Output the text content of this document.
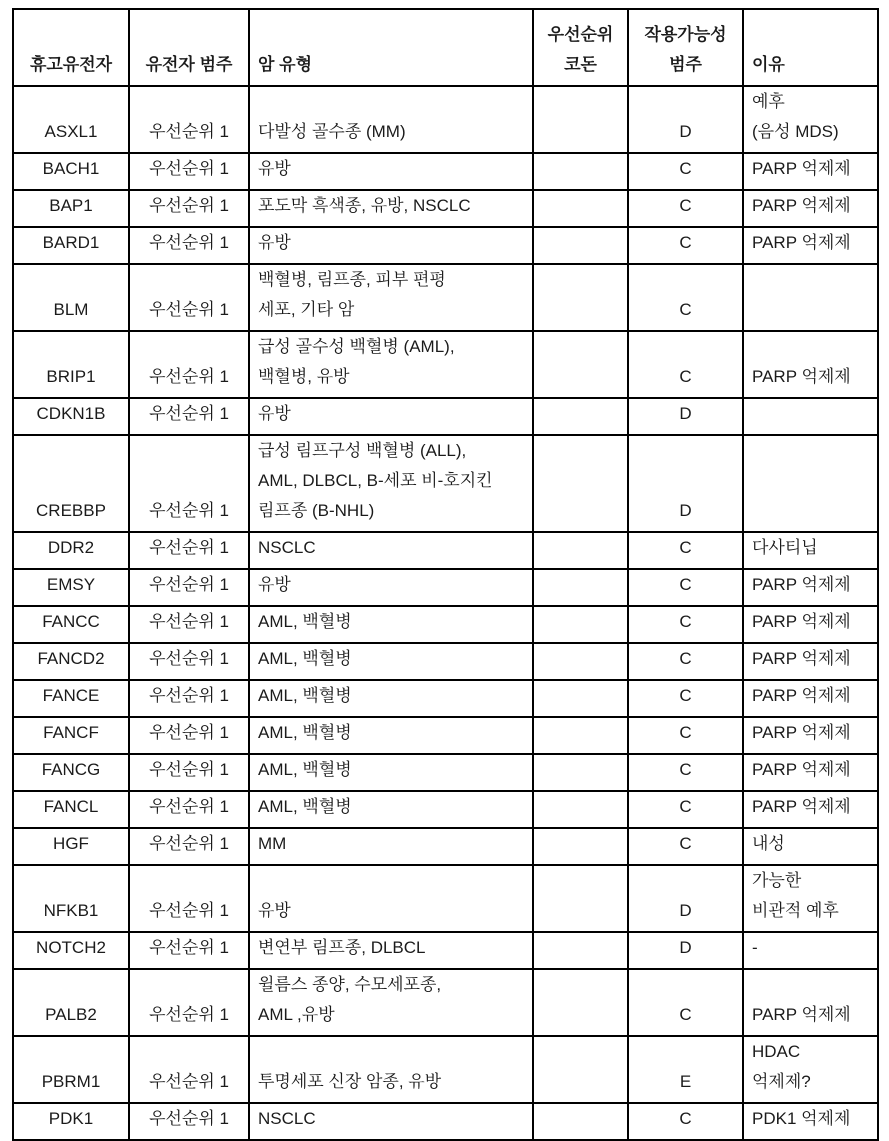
휴고유전자	유전자 범주	암 유형	우선순위
코돈	작용가능성
범주	이유
ASXL1	우선순위 1	다발성 골수종 (MM)		D	예후
(음성 MDS)
BACH1	우선순위 1	유방		C	PARP 억제제
BAP1	우선순위 1	포도막 흑색종, 유방, NSCLC		C	PARP 억제제
BARD1	우선순위 1	유방		C	PARP 억제제
BLM	우선순위 1	백혈병, 림프종, 피부 편평
세포, 기타 암		C	
BRIP1	우선순위 1	급성 골수성 백혈병 (AML),
백혈병, 유방		C	PARP 억제제
CDKN1B	우선순위 1	유방		D	
CREBBP	우선순위 1	급성 림프구성 백혈병 (ALL),
AML, DLBCL, B-세포 비-호지킨
림프종 (B-NHL)		D	
DDR2	우선순위 1	NSCLC		C	다사티닙
EMSY	우선순위 1	유방		C	PARP 억제제
FANCC	우선순위 1	AML, 백혈병		C	PARP 억제제
FANCD2	우선순위 1	AML, 백혈병		C	PARP 억제제
FANCE	우선순위 1	AML, 백혈병		C	PARP 억제제
FANCF	우선순위 1	AML, 백혈병		C	PARP 억제제
FANCG	우선순위 1	AML, 백혈병		C	PARP 억제제
FANCL	우선순위 1	AML, 백혈병		C	PARP 억제제
HGF	우선순위 1	MM		C	내성
NFKB1	우선순위 1	유방		D	가능한
비관적 예후
NOTCH2	우선순위 1	변연부 림프종, DLBCL		D	-
PALB2	우선순위 1	윌름스 종양, 수모세포종,
AML ,유방		C	PARP 억제제
PBRM1	우선순위 1	투명세포 신장 암종, 유방		E	HDAC
억제제?
PDK1	우선순위 1	NSCLC		C	PDK1 억제제
